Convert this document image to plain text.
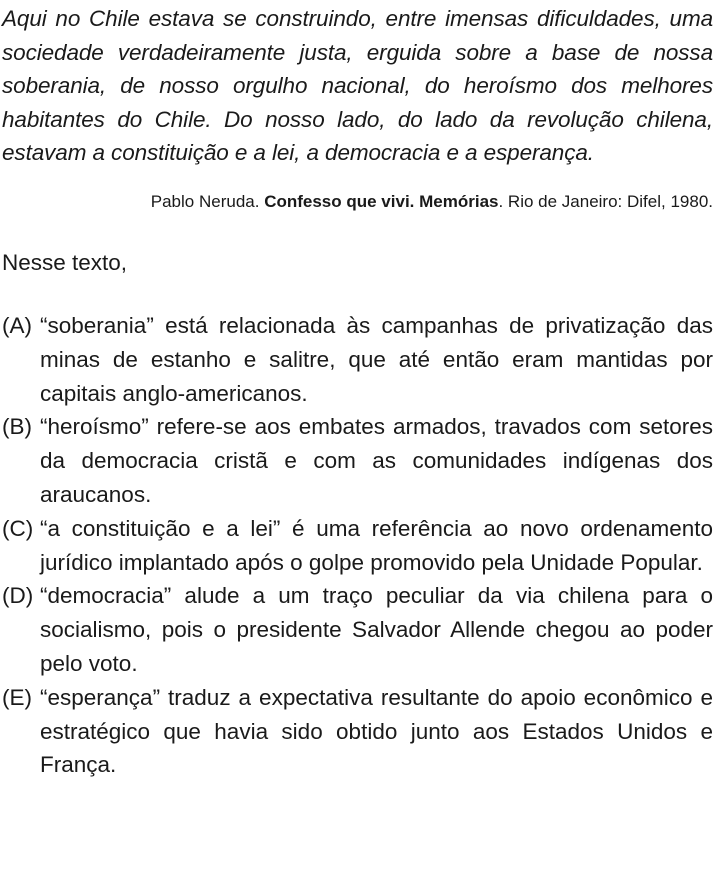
Aqui no Chile estava se construindo, entre imensas dificuldades, uma sociedade verdadeiramente justa, erguida sobre a base de nossa soberania, de nosso orgulho nacional, do heroísmo dos melhores habitantes do Chile. Do nosso lado, do lado da revolução chilena, estavam a constituição e a lei, a democracia e a esperança.

Pablo Neruda. Confesso que vivi. Memórias. Rio de Janeiro: Difel, 1980.

Nesse texto,

(A) “soberania” está relacionada às campanhas de privatização das minas de estanho e salitre, que até então eram mantidas por capitais anglo-americanos.
(B) “heroísmo” refere-se aos embates armados, travados com setores da democracia cristã e com as comunidades indígenas dos araucanos.
(C) “a constituição e a lei” é uma referência ao novo ordenamento jurídico implantado após o golpe promovido pela Unidade Popular.
(D) “democracia” alude a um traço peculiar da via chilena para o socialismo, pois o presidente Salvador Allende chegou ao poder pelo voto.
(E) “esperança” traduz a expectativa resultante do apoio econômico e estratégico que havia sido obtido junto aos Estados Unidos e França.
